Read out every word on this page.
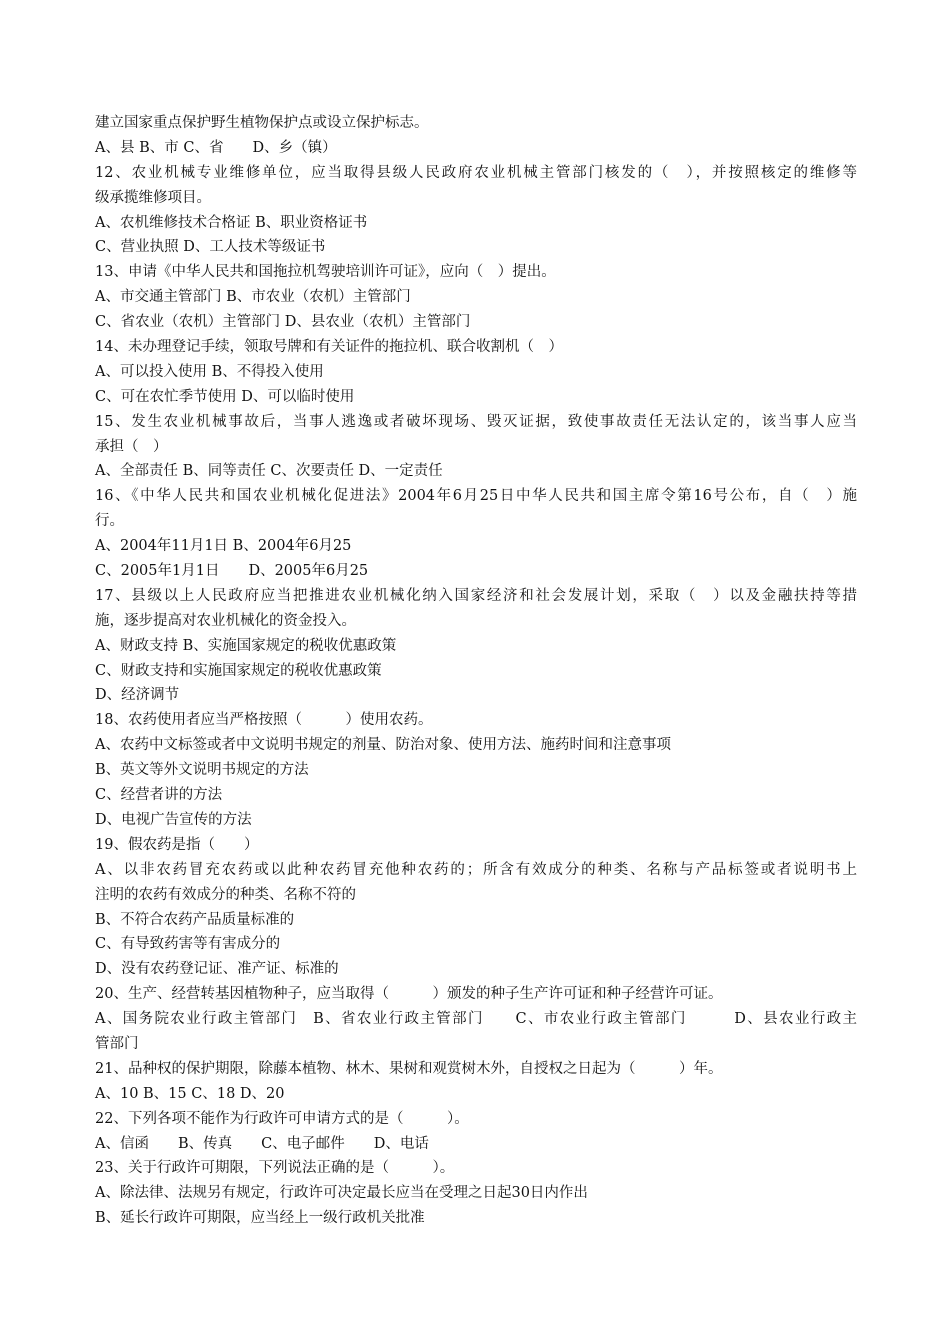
建立国家重点保护野生植物保护点或设立保护标志。
A、县 B、市 C、省　　D、乡（镇）
12、农业机械专业维修单位，应当取得县级人民政府农业机械主管部门核发的（　），并按照核定的维修等
级承揽维修项目。
A、农机维修技术合格证 B、职业资格证书
C、营业执照 D、工人技术等级证书
13、申请《中华人民共和国拖拉机驾驶培训许可证》，应向（　）提出。
A、市交通主管部门 B、市农业（农机）主管部门
C、省农业（农机）主管部门 D、县农业（农机）主管部门
14、未办理登记手续，领取号牌和有关证件的拖拉机、联合收割机（　）
A、可以投入使用 B、不得投入使用
C、可在农忙季节使用 D、可以临时使用
15、发生农业机械事故后，当事人逃逸或者破坏现场、毁灭证据，致使事故责任无法认定的，该当事人应当
承担（　）
A、全部责任 B、同等责任 C、次要责任 D、一定责任
16、《中华人民共和国农业机械化促进法》2004年6月25日中华人民共和国主席令第16号公布，自（　）施
行。
A、2004年11月1日 B、2004年6月25
C、2005年1月1日　　D、2005年6月25
17、县级以上人民政府应当把推进农业机械化纳入国家经济和社会发展计划，采取（　）以及金融扶持等措
施，逐步提高对农业机械化的资金投入。
A、财政支持 B、实施国家规定的税收优惠政策
C、财政支持和实施国家规定的税收优惠政策
D、经济调节
18、农药使用者应当严格按照（　　　）使用农药。
A、农药中文标签或者中文说明书规定的剂量、防治对象、使用方法、施药时间和注意事项
B、英文等外文说明书规定的方法
C、经营者讲的方法
D、电视广告宣传的方法
19、假农药是指（　　）
A、以非农药冒充农药或以此种农药冒充他种农药的；所含有效成分的种类、名称与产品标签或者说明书上
注明的农药有效成分的种类、名称不符的
B、不符合农药产品质量标准的
C、有导致药害等有害成分的
D、没有农药登记证、准产证、标准的
20、生产、经营转基因植物种子，应当取得（　　　）颁发的种子生产许可证和种子经营许可证。
A、国务院农业行政主管部门　B、省农业行政主管部门　　C、市农业行政主管部门　　　D、县农业行政主
管部门
21、品种权的保护期限，除藤本植物、林木、果树和观赏树木外，自授权之日起为（　　　）年。
A、10 B、15 C、18 D、20
22、下列各项不能作为行政许可申请方式的是（　　　）。
A、信函　　B、传真　　C、电子邮件　　D、电话
23、关于行政许可期限，下列说法正确的是（　　　）。
A、除法律、法规另有规定，行政许可决定最长应当在受理之日起30日内作出
B、延长行政许可期限，应当经上一级行政机关批准
